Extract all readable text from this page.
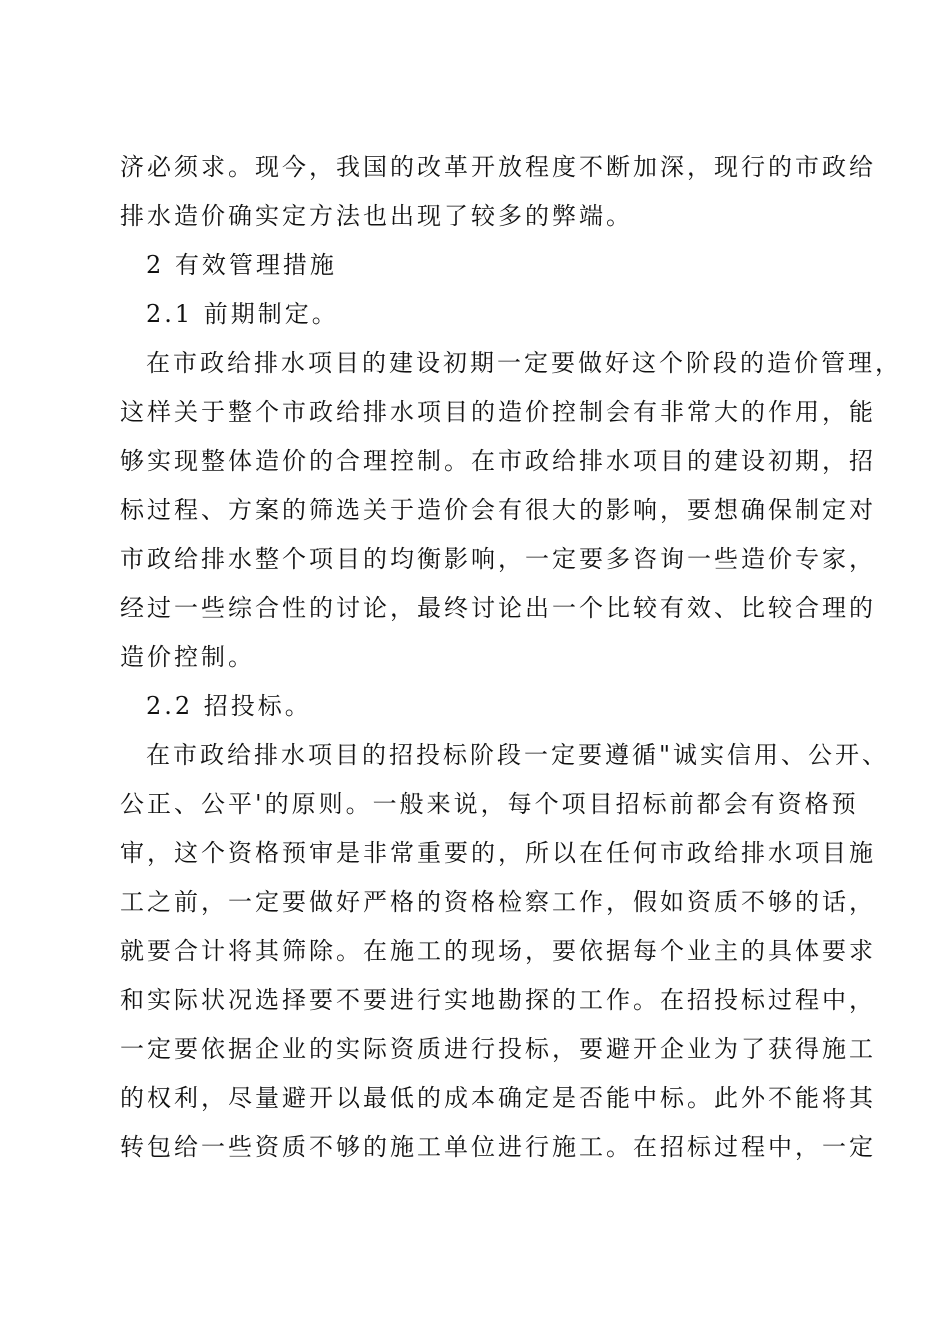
济必须求。现今，我国的改革开放程度不断加深，现行的市政给
排水造价确实定方法也出现了较多的弊端。
2 有效管理措施
2.1 前期制定。
在市政给排水项目的建设初期一定要做好这个阶段的造价管理，
这样关于整个市政给排水项目的造价控制会有非常大的作用，能
够实现整体造价的合理控制。在市政给排水项目的建设初期，招
标过程、方案的筛选关于造价会有很大的影响，要想确保制定对
市政给排水整个项目的均衡影响，一定要多咨询一些造价专家，
经过一些综合性的讨论，最终讨论出一个比较有效、比较合理的
造价控制。
2.2 招投标。
在市政给排水项目的招投标阶段一定要遵循"诚实信用、公开、
公正、公平'的原则。一般来说，每个项目招标前都会有资格预
审，这个资格预审是非常重要的，所以在任何市政给排水项目施
工之前，一定要做好严格的资格检察工作，假如资质不够的话，
就要合计将其筛除。在施工的现场，要依据每个业主的具体要求
和实际状况选择要不要进行实地勘探的工作。在招投标过程中，
一定要依据企业的实际资质进行投标，要避开企业为了获得施工
的权利，尽量避开以最低的成本确定是否能中标。此外不能将其
转包给一些资质不够的施工单位进行施工。在招标过程中，一定
